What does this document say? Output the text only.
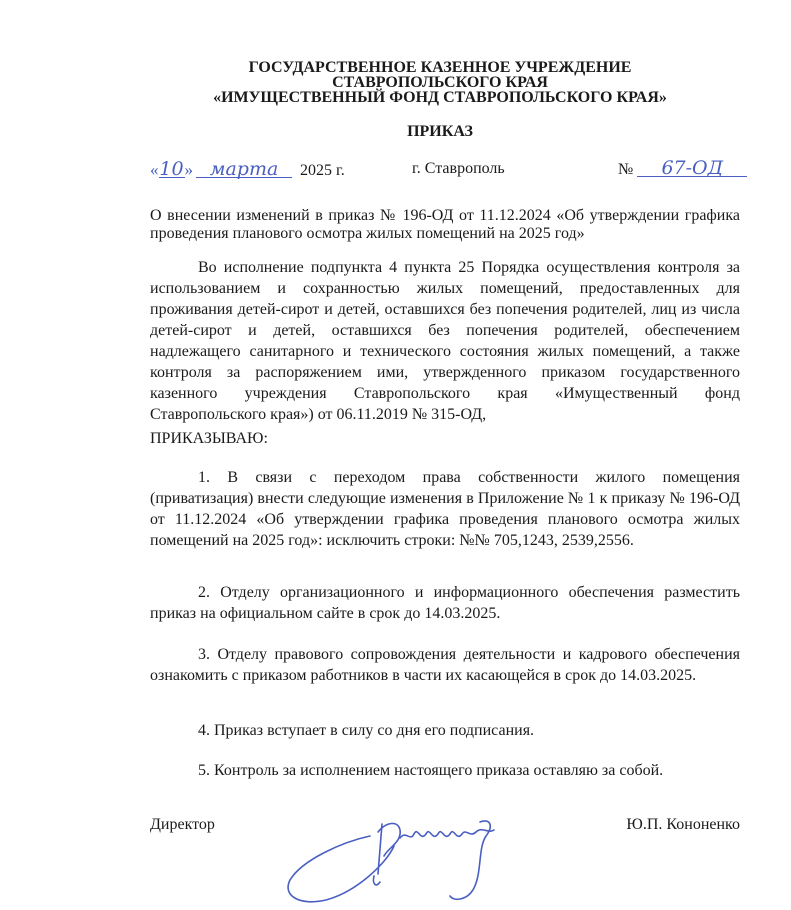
ГОСУДАРСТВЕННОЕ КАЗЕННОЕ УЧРЕЖДЕНИЕ
СТАВРОПОЛЬСКОГО КРАЯ
«ИМУЩЕСТВЕННЫЙ ФОНД СТАВРОПОЛЬСКОГО КРАЯ»
ПРИКАЗ
«10» марта 2025 г.	г. Ставрополь	№ 67-ОД
О внесении изменений в приказ № 196-ОД от 11.12.2024 «Об утверждении графика проведения планового осмотра жилых помещений на 2025 год»

Во исполнение подпункта 4 пункта 25 Порядка осуществления контроля за использованием и сохранностью жилых помещений, предоставленных для проживания детей-сирот и детей, оставшихся без попечения родителей, лиц из числа детей-сирот и детей, оставшихся без попечения родителей, обеспечением надлежащего санитарного и технического состояния жилых помещений, а также контроля за распоряжением ими, утвержденного приказом государственного казенного учреждения Ставропольского края «Имущественный фонд Ставропольского края») от 06.11.2019 № 315-ОД,

ПРИКАЗЫВАЮ:

1. В связи с переходом права собственности жилого помещения (приватизация) внести следующие изменения в Приложение № 1 к приказу № 196-ОД от 11.12.2024 «Об утверждении графика проведения планового осмотра жилых помещений на 2025 год»: исключить строки: №№ 705,1243, 2539,2556.

2. Отделу организационного и информационного обеспечения разместить приказ на официальном сайте в срок до 14.03.2025.

3. Отделу правового сопровождения деятельности и кадрового обеспечения ознакомить с приказом работников в части их касающейся в срок до 14.03.2025.

4. Приказ вступает в силу со дня его подписания.

5. Контроль за исполнением настоящего приказа оставляю за собой.

Директор	Ю.П. Кононенко
